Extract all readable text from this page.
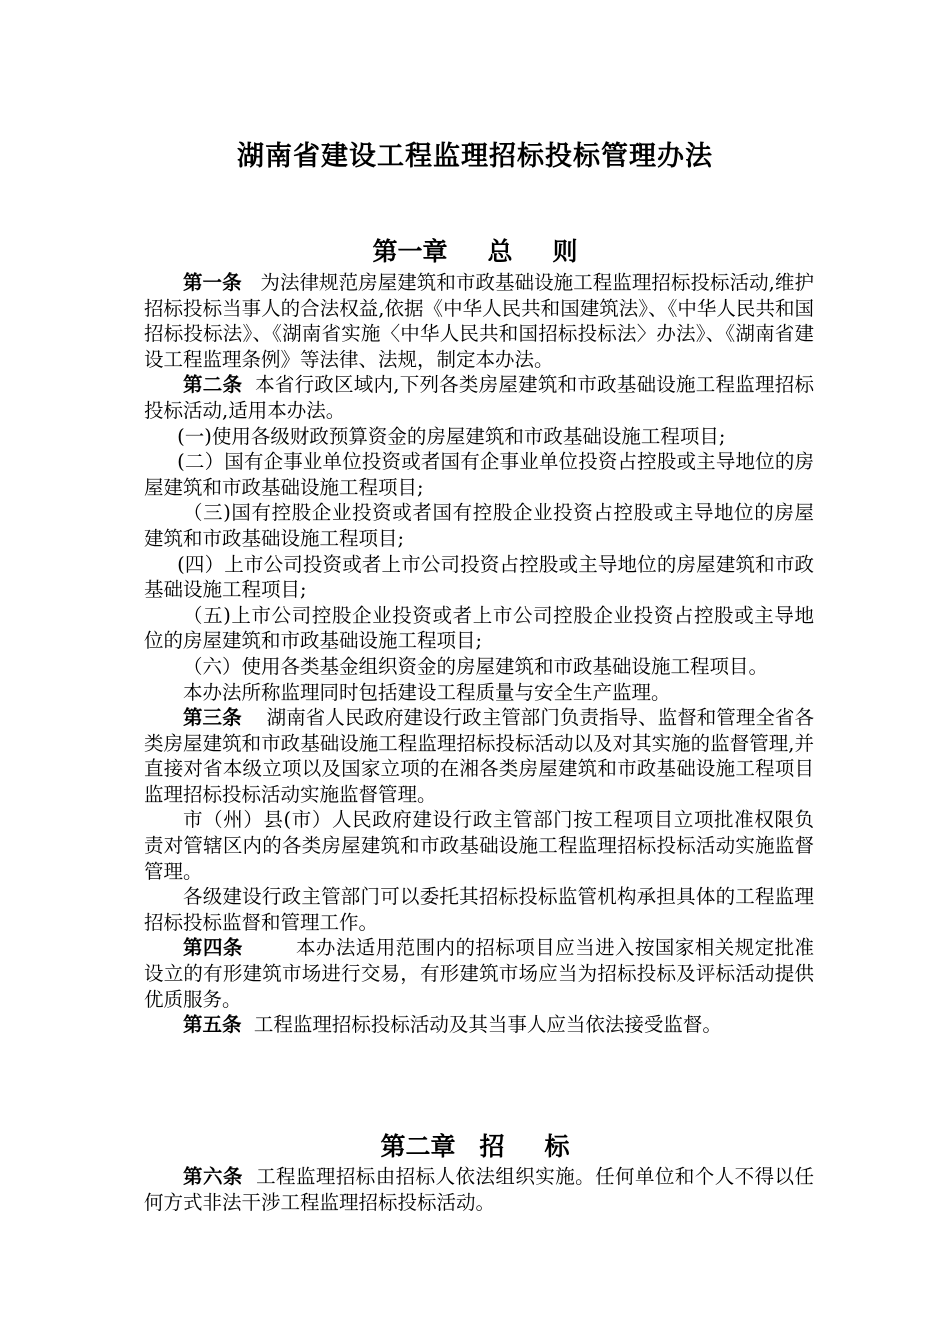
湖南省建设工程监理招标投标管理办法
第一章 总 则

第一条 为法律规范房屋建筑和市政基础设施工程监理招标投标活动,维护招标投标当事人的合法权益,依据《中华人民共和国建筑法》、《中华人民共和国招标投标法》、《湖南省实施〈中华人民共和国招标投标法〉办法》、《湖南省建设工程监理条例》等法律、法规，制定本办法。

第二条 本省行政区域内,下列各类房屋建筑和市政基础设施工程监理招标投标活动,适用本办法。

(一)使用各级财政预算资金的房屋建筑和市政基础设施工程项目;

(二）国有企事业单位投资或者国有企事业单位投资占控股或主导地位的房屋建筑和市政基础设施工程项目;

（三)国有控股企业投资或者国有控股企业投资占控股或主导地位的房屋建筑和市政基础设施工程项目;

(四）上市公司投资或者上市公司投资占控股或主导地位的房屋建筑和市政基础设施工程项目;

（五)上市公司控股企业投资或者上市公司控股企业投资占控股或主导地位的房屋建筑和市政基础设施工程项目;

（六）使用各类基金组织资金的房屋建筑和市政基础设施工程项目。

本办法所称监理同时包括建设工程质量与安全生产监理。

第三条 湖南省人民政府建设行政主管部门负责指导、监督和管理全省各类房屋建筑和市政基础设施工程监理招标投标活动以及对其实施的监督管理,并直接对省本级立项以及国家立项的在湘各类房屋建筑和市政基础设施工程项目监理招标投标活动实施监督管理。

市（州）县(市）人民政府建设行政主管部门按工程项目立项批准权限负责对管辖区内的各类房屋建筑和市政基础设施工程监理招标投标活动实施监督管理。

各级建设行政主管部门可以委托其招标投标监管机构承担具体的工程监理招标投标监督和管理工作。

第四条	本办法适用范围内的招标项目应当进入按国家相关规定批准设立的有形建筑市场进行交易，有形建筑市场应当为招标投标及评标活动提供优质服务。

第五条 工程监理招标投标活动及其当事人应当依法接受监督。

第二章 招 标

第六条 工程监理招标由招标人依法组织实施。任何单位和个人不得以任何方式非法干涉工程监理招标投标活动。
